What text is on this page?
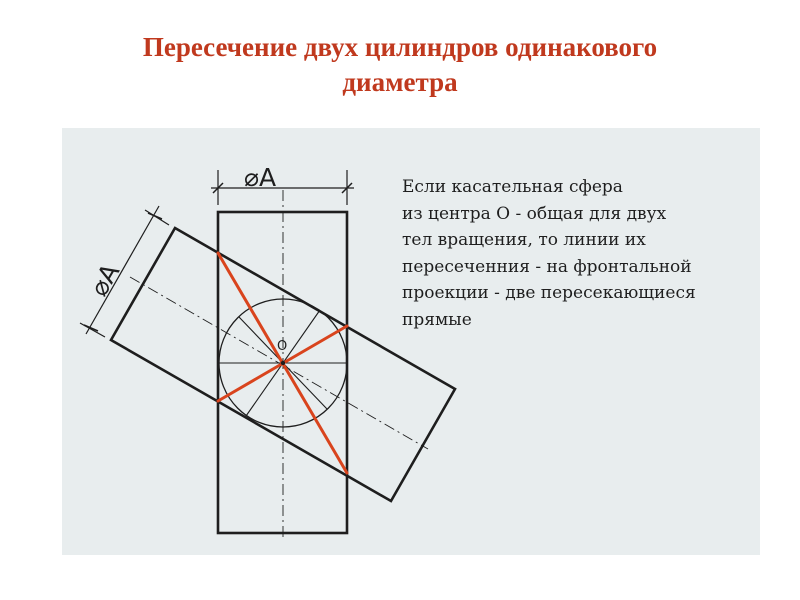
Пересечение двух цилиндров одинакового
диаметра
O
⌀A
⌀A
Если касательная сфера
из центра О - общая для двух
тел вращения, то линии их
пересеченния - на фронтальной
проекции - две пересекающиеся
прямые
